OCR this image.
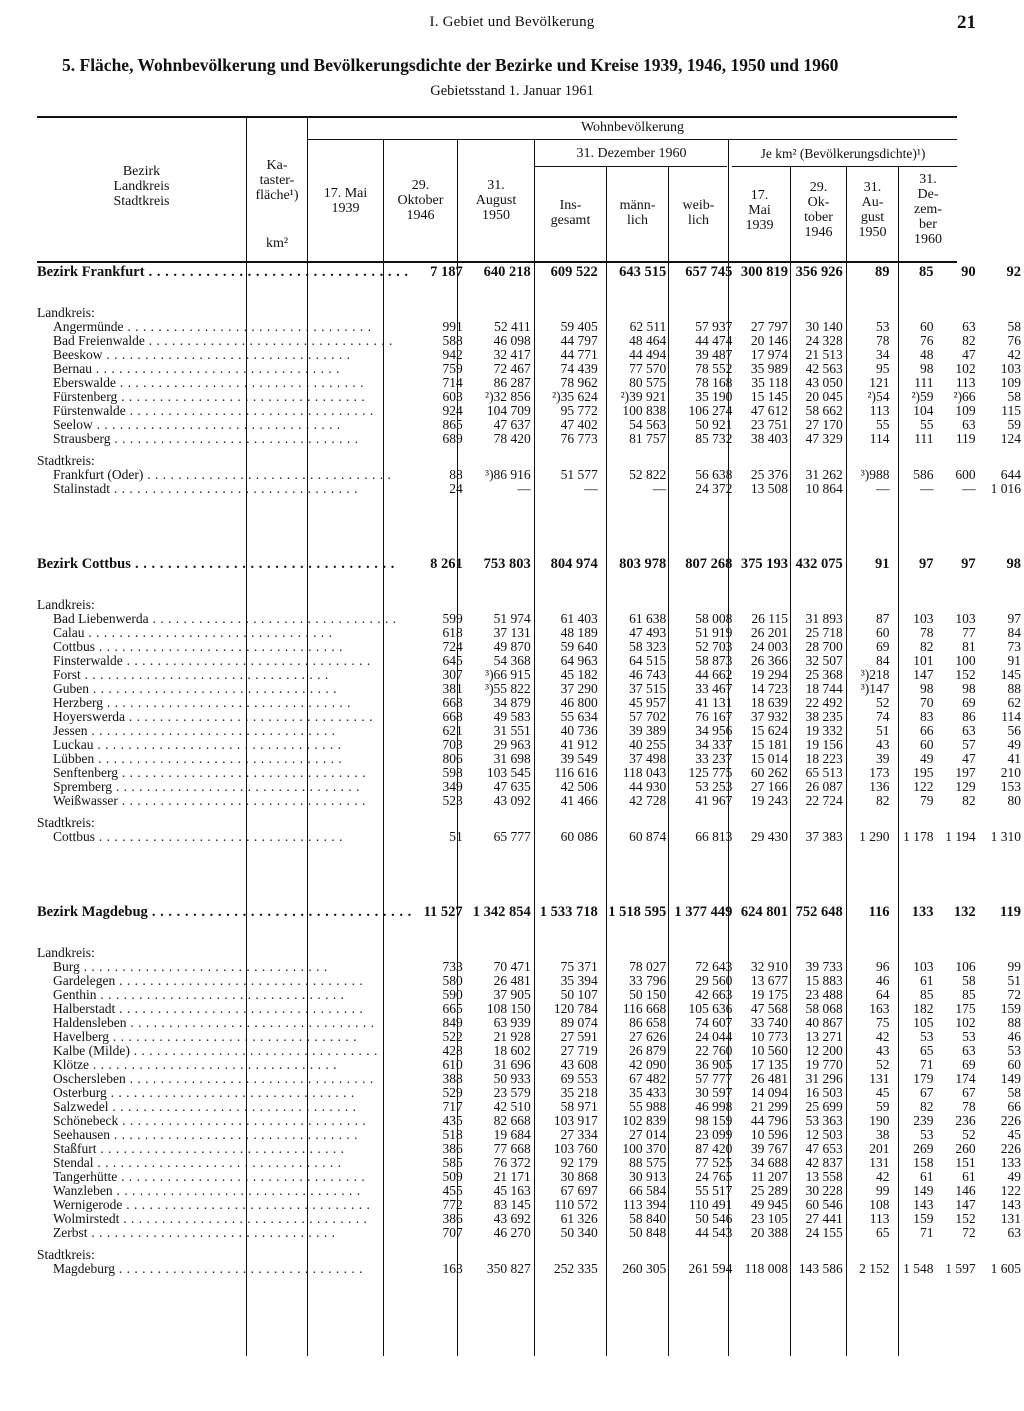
I. Gebiet und Bevölkerung	21
5. Fläche, Wohnbevölkerung und Bevölkerungsdichte der Bezirke und Kreise 1939, 1946, 1950 und 1960
Gebietsstand 1. Januar 1961
Bezirk
Landkreis
Stadtkreis
Ka-
taster-
fläche¹)
km²
Wohnbevölkerung
17. Mai
1939
29.
Oktober
1946
31.
August
1950
31. Dezember 1960
Ins-
gesamt
männ-
lich
weib-
lich
Je km² (Bevölkerungsdichte)¹)
17.
Mai
1939
29.
Ok-
tober
1946
31.
Au-
gust
1950
31.
De-
zem-
ber
1960
Bezirk Frankfurt . . .	7 187	640 218	609 522	643 515	657 745	300 819	356 926	89	85	90	92

Landkreis:											
Angermünde . . .	991	52 411	59 405	62 511	57 937	27 797	30 140	53	60	63	58
Bad Freienwalde . . .	588	46 098	44 797	48 464	44 474	20 146	24 328	78	76	82	76
Beeskow . . .	942	32 417	44 771	44 494	39 487	17 974	21 513	34	48	47	42
Bernau . . .	759	72 467	74 439	77 570	78 552	35 989	42 563	95	98	102	103
Eberswalde . . .	714	86 287	78 962	80 575	78 168	35 118	43 050	121	111	113	109
Fürstenberg . . .	603	²)32 856	²)35 624	²)39 921	35 190	15 145	20 045	²)54	²)59	²)66	58
Fürstenwalde . . .	924	104 709	95 772	100 838	106 274	47 612	58 662	113	104	109	115
Seelow . . .	865	47 637	47 402	54 563	50 921	23 751	27 170	55	55	63	59
Strausberg . . .	689	78 420	76 773	81 757	85 732	38 403	47 329	114	111	119	124

Stadtkreis:											
Frankfurt (Oder) . . .	88	³)86 916	51 577	52 822	56 638	25 376	31 262	³)988	586	600	644
Stalinstadt . . .	24	—	—	—	24 372	13 508	10 864	—	—	—	1 016

Bezirk Cottbus . . .	8 261	753 803	804 974	803 978	807 268	375 193	432 075	91	97	97	98

Landkreis:											
Bad Liebenwerda . . .	599	51 974	61 403	61 638	58 008	26 115	31 893	87	103	103	97
Calau . . .	618	37 131	48 189	47 493	51 919	26 201	25 718	60	78	77	84
Cottbus . . .	724	49 870	59 640	58 323	52 703	24 003	28 700	69	82	81	73
Finsterwalde . . .	645	54 368	64 963	64 515	58 873	26 366	32 507	84	101	100	91
Forst . . .	307	³)66 915	45 182	46 743	44 662	19 294	25 368	³)218	147	152	145
Guben . . .	381	³)55 822	37 290	37 515	33 467	14 723	18 744	³)147	98	98	88
Herzberg . . .	668	34 879	46 800	45 957	41 131	18 639	22 492	52	70	69	62
Hoyerswerda . . .	668	49 583	55 634	57 702	76 167	37 932	38 235	74	83	86	114
Jessen . . .	621	31 551	40 736	39 389	34 956	15 624	19 332	51	66	63	56
Luckau . . .	703	29 963	41 912	40 255	34 337	15 181	19 156	43	60	57	49
Lübben . . .	806	31 698	39 549	37 498	33 237	15 014	18 223	39	49	47	41
Senftenberg . . .	598	103 545	116 616	118 043	125 775	60 262	65 513	173	195	197	210
Spremberg . . .	349	47 635	42 506	44 930	53 253	27 166	26 087	136	122	129	153
Weißwasser . . .	523	43 092	41 466	42 728	41 967	19 243	22 724	82	79	82	80

Stadtkreis:											
Cottbus . . .	51	65 777	60 086	60 874	66 813	29 430	37 383	1 290	1 178	1 194	1 310

Bezirk Magdebug . . .	11 527	1 342 854	1 533 718	1 518 595	1 377 449	624 801	752 648	116	133	132	119

Landkreis:											
Burg . . .	733	70 471	75 371	78 027	72 643	32 910	39 733	96	103	106	99
Gardelegen . . .	580	26 481	35 394	33 796	29 560	13 677	15 883	46	61	58	51
Genthin . . .	590	37 905	50 107	50 150	42 663	19 175	23 488	64	85	85	72
Halberstadt . . .	665	108 150	120 784	116 668	105 636	47 568	58 068	163	182	175	159
Haldensleben . . .	849	63 939	89 074	86 658	74 607	33 740	40 867	75	105	102	88
Havelberg . . .	522	21 928	27 591	27 626	24 044	10 773	13 271	42	53	53	46
Kalbe (Milde) . . .	428	18 602	27 719	26 879	22 760	10 560	12 200	43	65	63	53
Klötze . . .	610	31 696	43 608	42 090	36 905	17 135	19 770	52	71	69	60
Oschersleben . . .	388	50 933	69 553	67 482	57 777	26 481	31 296	131	179	174	149
Osterburg . . .	529	23 579	35 218	35 433	30 597	14 094	16 503	45	67	67	58
Salzwedel . . .	717	42 510	58 971	55 988	46 998	21 299	25 699	59	82	78	66
Schönebeck . . .	435	82 668	103 917	102 839	98 159	44 796	53 363	190	239	236	226
Seehausen . . .	518	19 684	27 334	27 014	23 099	10 596	12 503	38	53	52	45
Staßfurt . . .	386	77 668	103 760	100 370	87 420	39 767	47 653	201	269	260	226
Stendal . . .	585	76 372	92 179	88 575	77 525	34 688	42 837	131	158	151	133
Tangerhütte . . .	509	21 171	30 868	30 913	24 765	11 207	13 558	42	61	61	49
Wanzleben . . .	455	45 163	67 697	66 584	55 517	25 289	30 228	99	149	146	122
Wernigerode . . .	772	83 145	110 572	113 394	110 491	49 945	60 546	108	143	147	143
Wolmirstedt . . .	386	43 692	61 326	58 840	50 546	23 105	27 441	113	159	152	131
Zerbst . . .	707	46 270	50 340	50 848	44 543	20 388	24 155	65	71	72	63

Stadtkreis:											
Magdeburg . . .	163	350 827	252 335	260 305	261 594	118 008	143 586	2 152	1 548	1 597	1 605
